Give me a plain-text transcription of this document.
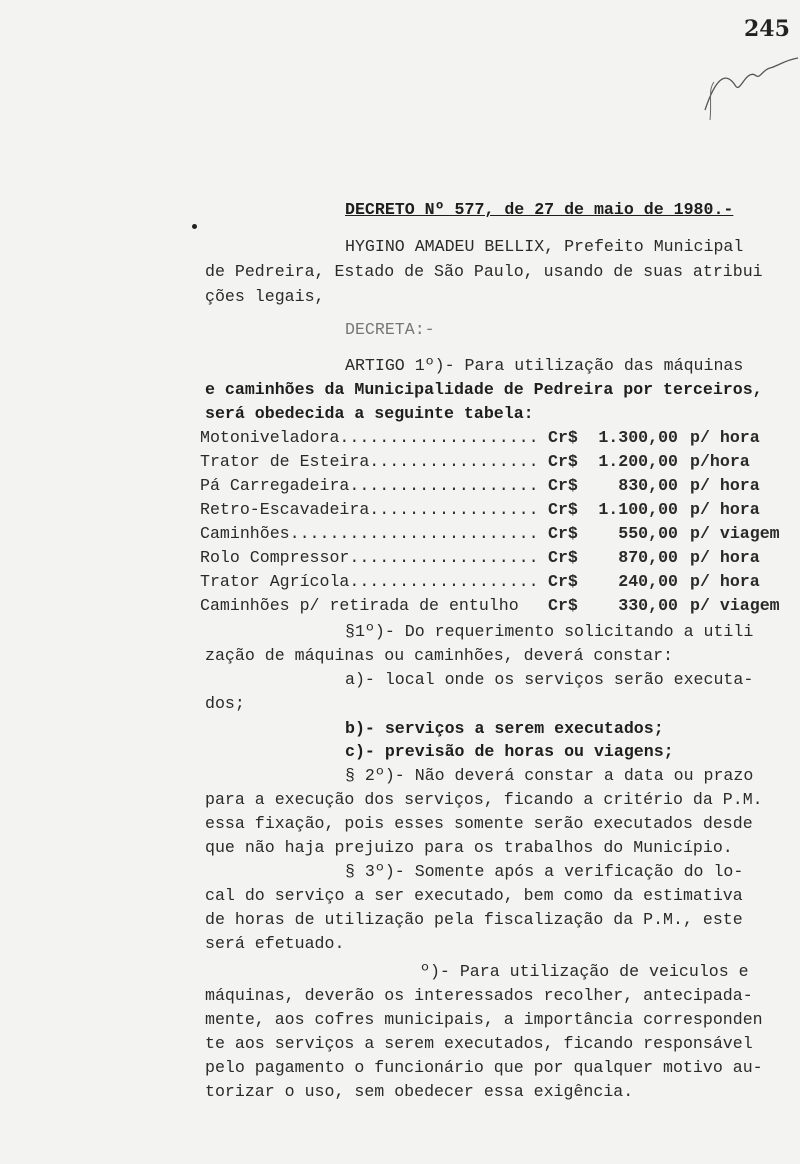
245
DECRETO Nº 577, de 27 de maio de 1980.-
HYGINO AMADEU BELLIX, Prefeito Municipal
de Pedreira, Estado de São Paulo, usando de suas atribui
ções legais,
DECRETA:-
ARTIGO 1º)- Para utilização das máquinas
e caminhões da Municipalidade de Pedreira por terceiros,
será obedecida a seguinte tabela:
Motoniveladora.................... Cr$	1.300,00 p/ hora
Trator de Esteira................. Cr$	1.200,00 p/hora
Pá Carregadeira................... Cr$	830,00 p/ hora
Retro-Escavadeira................. Cr$	1.100,00 p/ hora
Caminhões......................... Cr$	550,00 p/ viagem
Rolo Compressor................... Cr$	870,00 p/ hora
Trator Agrícola................... Cr$	240,00 p/ hora
Caminhões p/ retirada de entulho Cr$	330,00 p/ viagem
§1º)- Do requerimento solicitando a utili
zação de máquinas ou caminhões, deverá constar:
a)- local onde os serviços serão executa-
dos;
b)- serviços a serem executados;
c)- previsão de horas ou viagens;
§ 2º)- Não deverá constar a data ou prazo
para a execução dos serviços, ficando a critério da P.M.
essa fixação, pois esses somente serão executados desde
que não haja prejuizo para os trabalhos do Município.
§ 3º)- Somente após a verificação do lo-
cal do serviço a ser executado, bem como da estimativa
de horas de utilização pela fiscalização da P.M., este
será efetuado.
º)- Para utilização de veiculos e
máquinas, deverão os interessados recolher, antecipada-
mente, aos cofres municipais, a importância corresponden
te aos serviços a serem executados, ficando responsável
pelo pagamento o funcionário que por qualquer motivo au-
torizar o uso, sem obedecer essa exigência.
